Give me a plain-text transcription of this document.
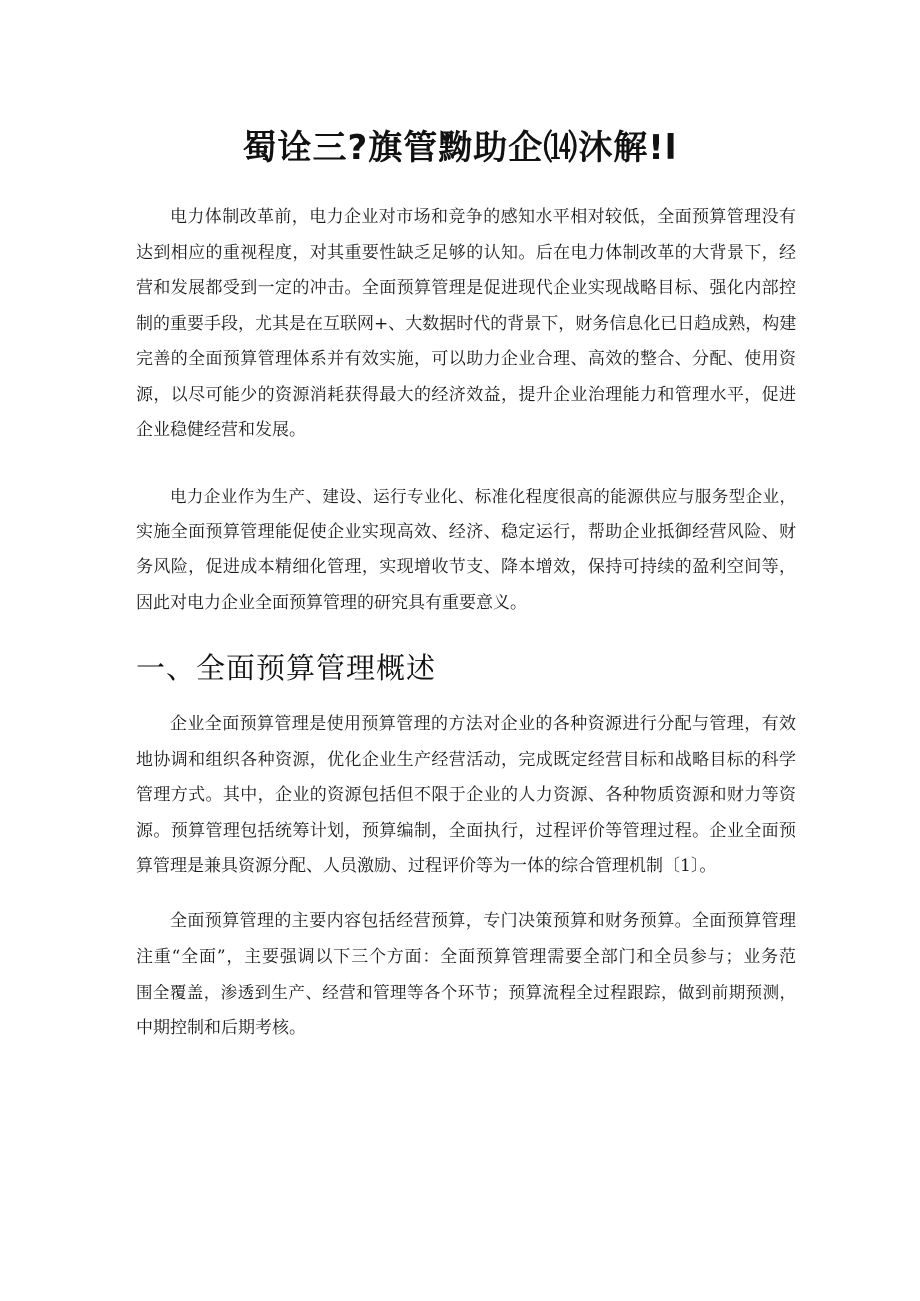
蜀诠三?旗管黝助企⒁沐解!l

电力体制改革前，电力企业对市场和竞争的感知水平相对较低，全面预算管理没有
达到相应的重视程度，对其重要性缺乏足够的认知。后在电力体制改革的大背景下，经
营和发展都受到一定的冲击。全面预算管理是促进现代企业实现战略目标、强化内部控
制的重要手段，尤其是在互联网+、大数据时代的背景下，财务信息化已日趋成熟，构建
完善的全面预算管理体系并有效实施，可以助力企业合理、高效的整合、分配、使用资
源，以尽可能少的资源消耗获得最大的经济效益，提升企业治理能力和管理水平，促进
企业稳健经营和发展。

电力企业作为生产、建设、运行专业化、标准化程度很高的能源供应与服务型企业，
实施全面预算管理能促使企业实现高效、经济、稳定运行，帮助企业抵御经营风险、财
务风险，促进成本精细化管理，实现增收节支、降本增效，保持可持续的盈利空间等，
因此对电力企业全面预算管理的研究具有重要意义。

一、全面预算管理概述

企业全面预算管理是使用预算管理的方法对企业的各种资源进行分配与管理，有效
地协调和组织各种资源，优化企业生产经营活动，完成既定经营目标和战略目标的科学
管理方式。其中，企业的资源包括但不限于企业的人力资源、各种物质资源和财力等资
源。预算管理包括统筹计划，预算编制，全面执行，过程评价等管理过程。企业全面预
算管理是兼具资源分配、人员激励、过程评价等为一体的综合管理机制〔1〕。

全面预算管理的主要内容包括经营预算，专门决策预算和财务预算。全面预算管理
注重“全面”，主要强调以下三个方面：全面预算管理需要全部门和全员参与；业务范
围全覆盖，渗透到生产、经营和管理等各个环节；预算流程全过程跟踪，做到前期预测，
中期控制和后期考核。
